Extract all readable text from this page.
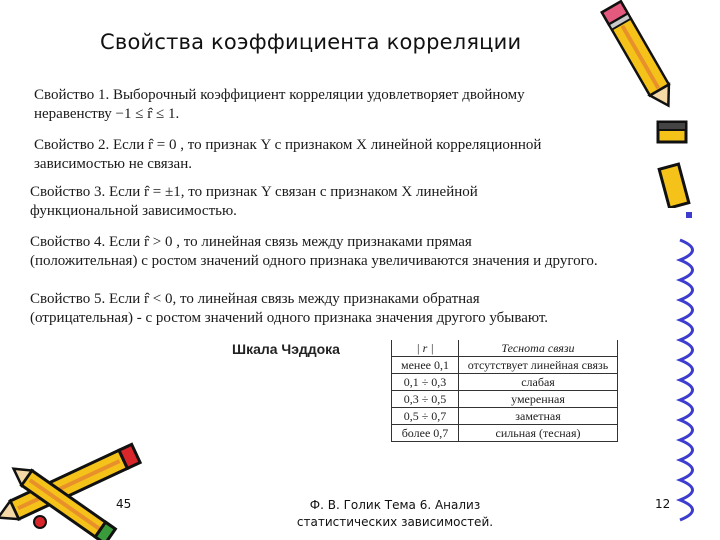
Свойства коэффициента корреляции
Свойство 1. Выборочный коэффициент корреляции удовлетворяет двойному
неравенству −1 ≤ r̂ ≤ 1.
Свойство 2. Если r̂ = 0 , то признак Y с признаком X линейной корреляционной
зависимостью не связан.
Свойство 3. Если r̂ = ±1, то признак Y связан с признаком X линейной
функциональной зависимостью.
Свойство 4. Если r̂ > 0 , то линейная связь между признаками прямая
(положительная) с ростом значений одного признака увеличиваются значения и другого.
Свойство 5. Если r̂ < 0, то линейная связь между признаками обратная
(отрицательная) - с ростом значений одного признака значения другого убывают.
Шкала Чэддока	| r |	Теснота связи
менее 0,1	отсутствует линейная связь
0,1 ÷ 0,3	слабая
0,3 ÷ 0,5	умеренная
0,5 ÷ 0,7	заметная
более 0,7	сильная (тесная)
45	Ф. В. Голик Тема 6. Анализ
статистических зависимостей.
12
